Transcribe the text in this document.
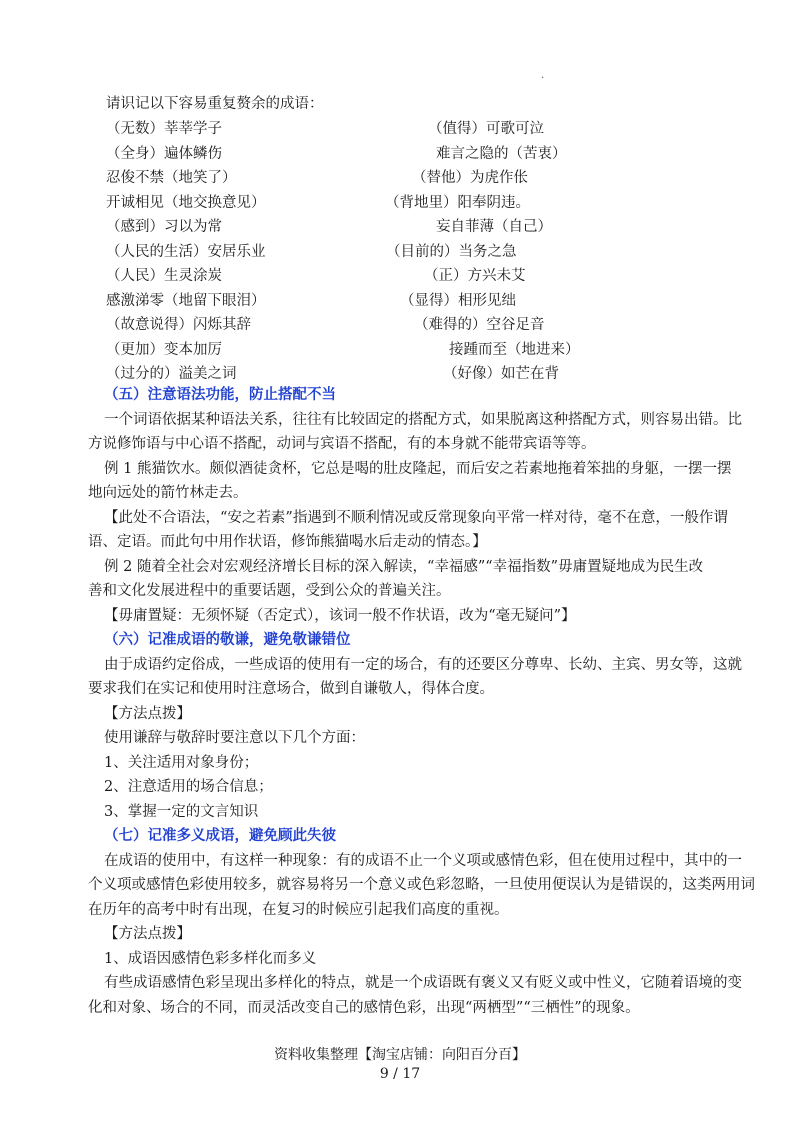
.
请识记以下容易重复赘余的成语：
（无数）莘莘学子	（值得）可歌可泣
（全身）遍体鳞伤	难言之隐的（苦衷）
忍俊不禁（地笑了）	（替他）为虎作伥
开诚相见（地交换意见）	（背地里）阳奉阴违。
（感到）习以为常	妄自菲薄（自己）
（人民的生活）安居乐业	（目前的）当务之急
（人民）生灵涂炭	（正）方兴未艾
感激涕零（地留下眼泪）	（显得）相形见绌
（故意说得）闪烁其辞	（难得的）空谷足音
（更加）变本加厉	接踵而至（地进来）
（过分的）溢美之词	（好像）如芒在背
（五）注意语法功能，防止搭配不当
一个词语依据某种语法关系，往往有比较固定的搭配方式，如果脱离这种搭配方式，则容易出错。比
方说修饰语与中心语不搭配，动词与宾语不搭配，有的本身就不能带宾语等等。
例 1 熊猫饮水。颇似酒徒贪杯，它总是喝的肚皮隆起，而后安之若素地拖着笨拙的身躯，一摆一摆
地向远处的箭竹林走去。
【此处不合语法，“安之若素”指遇到不顺利情况或反常现象向平常一样对待，毫不在意，一般作谓
语、定语。而此句中用作状语，修饰熊猫喝水后走动的情态。】
例 2 随着全社会对宏观经济增长目标的深入解读，“幸福感”“幸福指数”毋庸置疑地成为民生改
善和文化发展进程中的重要话题，受到公众的普遍关注。
【毋庸置疑：无须怀疑（否定式），该词一般不作状语，改为“毫无疑问”】
（六）记准成语的敬谦，避免敬谦错位
由于成语约定俗成，一些成语的使用有一定的场合，有的还要区分尊卑、长幼、主宾、男女等，这就
要求我们在实记和使用时注意场合，做到自谦敬人，得体合度。
【方法点拨】
使用谦辞与敬辞时要注意以下几个方面：
1、关注适用对象身份；
2、注意适用的场合信息；
3、掌握一定的文言知识
（七）记准多义成语，避免顾此失彼
在成语的使用中，有这样一种现象：有的成语不止一个义项或感情色彩，但在使用过程中，其中的一
个义项或感情色彩使用较多，就容易将另一个意义或色彩忽略，一旦使用便误认为是错误的，这类两用词
在历年的高考中时有出现，在复习的时候应引起我们高度的重视。
【方法点拨】
1、成语因感情色彩多样化而多义
有些成语感情色彩呈现出多样化的特点，就是一个成语既有褒义又有贬义或中性义，它随着语境的变
化和对象、场合的不同，而灵活改变自己的感情色彩，出现“两栖型”“三栖性”的现象。
资料收集整理【淘宝店铺：向阳百分百】
9 / 17
